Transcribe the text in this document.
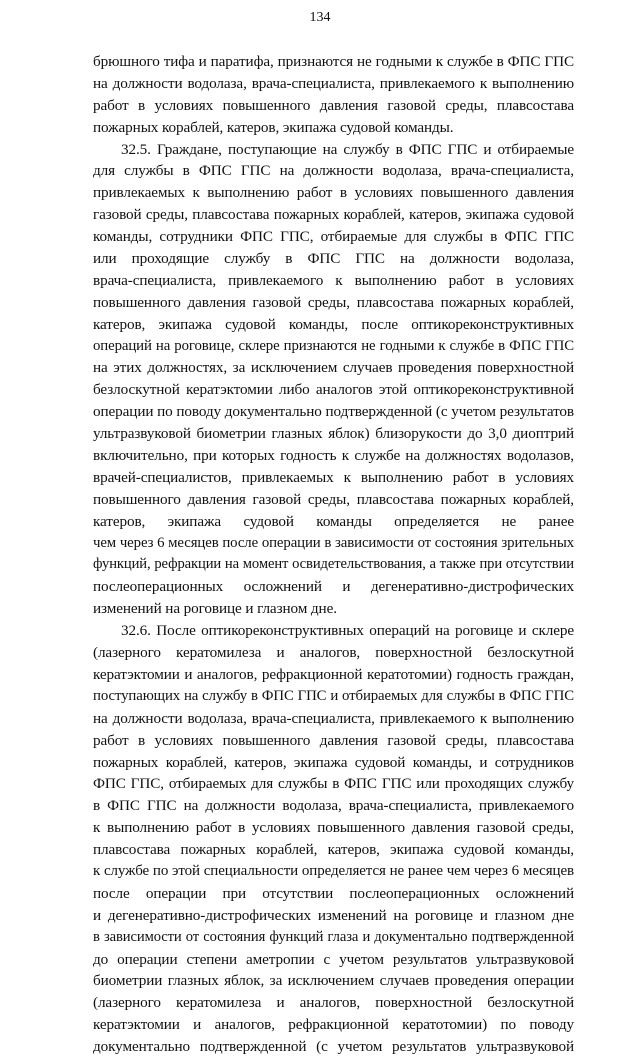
134
брюшного тифа и паратифа, признаются не годными к службе в ФПС ГПС
на должности водолаза, врача-специалиста, привлекаемого к выполнению
работ в условиях повышенного давления газовой среды, плавсостава
пожарных кораблей, катеров, экипажа судовой команды.
32.5. Граждане, поступающие на службу в ФПС ГПС и отбираемые
для службы в ФПС ГПС на должности водолаза, врача-специалиста,
привлекаемых к выполнению работ в условиях повышенного давления
газовой среды, плавсостава пожарных кораблей, катеров, экипажа судовой
команды, сотрудники ФПС ГПС, отбираемые для службы в ФПС ГПС
или проходящие службу в ФПС ГПС на должности водолаза,
врача-специалиста, привлекаемого к выполнению работ в условиях
повышенного давления газовой среды, плавсостава пожарных кораблей,
катеров, экипажа судовой команды, после оптикореконструктивных
операций на роговице, склере признаются не годными к службе в ФПС ГПС
на этих должностях, за исключением случаев проведения поверхностной
безлоскутной кератэктомии либо аналогов этой оптикореконструктивной
операции по поводу документально подтвержденной (с учетом результатов
ультразвуковой биометрии глазных яблок) близорукости до 3,0 диоптрий
включительно, при которых годность к службе на должностях водолазов,
врачей-специалистов, привлекаемых к выполнению работ в условиях
повышенного давления газовой среды, плавсостава пожарных кораблей,
катеров, экипажа судовой команды определяется не ранее
чем через 6 месяцев после операции в зависимости от состояния зрительных
функций, рефракции на момент освидетельствования, а также при отсутствии
послеоперационных осложнений и дегенеративно-дистрофических
изменений на роговице и глазном дне.
32.6. После оптикореконструктивных операций на роговице и склере
(лазерного кератомилеза и аналогов, поверхностной безлоскутной
кератэктомии и аналогов, рефракционной кератотомии) годность граждан,
поступающих на службу в ФПС ГПС и отбираемых для службы в ФПС ГПС
на должности водолаза, врача-специалиста, привлекаемого к выполнению
работ в условиях повышенного давления газовой среды, плавсостава
пожарных кораблей, катеров, экипажа судовой команды, и сотрудников
ФПС ГПС, отбираемых для службы в ФПС ГПС или проходящих службу
в ФПС ГПС на должности водолаза, врача-специалиста, привлекаемого
к выполнению работ в условиях повышенного давления газовой среды,
плавсостава пожарных кораблей, катеров, экипажа судовой команды,
к службе по этой специальности определяется не ранее чем через 6 месяцев
после операции при отсутствии послеоперационных осложнений
и дегенеративно-дистрофических изменений на роговице и глазном дне
в зависимости от состояния функций глаза и документально подтвержденной
до операции степени аметропии с учетом результатов ультразвуковой
биометрии глазных яблок, за исключением случаев проведения операции
(лазерного кератомилеза и аналогов, поверхностной безлоскутной
кератэктомии и аналогов, рефракционной кератотомии) по поводу
документально подтвержденной (с учетом результатов ультразвуковой
